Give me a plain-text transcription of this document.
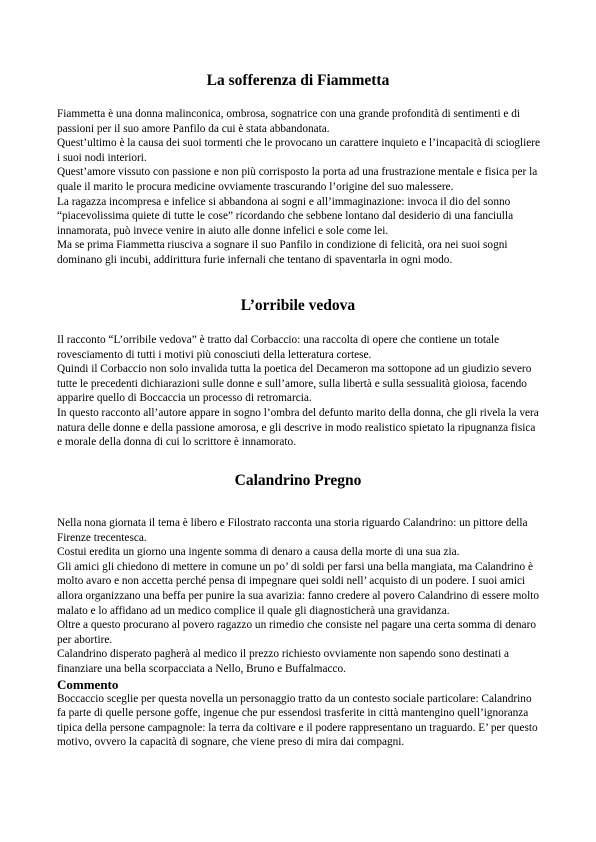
La sofferenza di Fiammetta

Fiammetta è una donna malinconica, ombrosa, sognatrice con una grande profondità di sentimenti e di passioni per il suo amore Panfilo da cui è stata abbandonata.

Quest’ultimo è la causa dei suoi tormenti che le provocano un carattere inquieto e l’incapacità di sciogliere i suoi nodi interiori.

Quest’amore vissuto con passione e non più corrisposto la porta ad una frustrazione mentale e fisica per la quale il marito le procura medicine ovviamente trascurando l’origine del suo malessere.

La ragazza incompresa e infelice si abbandona ai sogni e all’immaginazione: invoca il dio del sonno “piacevolissima quiete di tutte le cose” ricordando che sebbene lontano dal desiderio di una fanciulla innamorata, può invece venire in aiuto alle donne infelici e sole come lei.

Ma se prima Fiammetta riusciva a sognare il suo Panfilo in condizione di felicità, ora nei suoi sogni dominano gli incubi, addirittura furie infernali che tentano di spaventarla in ogni modo.

L’orribile vedova

Il racconto “L’orribile vedova” è tratto dal Corbaccio: una raccolta di opere che contiene un totale rovesciamento di tutti i motivi più conosciuti della letteratura cortese.

Quindi il Corbaccio non solo invalida tutta la poetica del Decameron ma sottopone ad un giudizio severo tutte le precedenti dichiarazioni sulle donne e sull’amore, sulla libertà e sulla sessualità gioiosa, facendo apparire quello di Boccaccia un processo di retromarcia.

In questo racconto all’autore appare in sogno l’ombra del defunto marito della donna, che gli rivela la vera natura delle donne e della passione amorosa, e gli descrive in modo realistico spietato la ripugnanza fisica e morale della donna di cui lo scrittore è innamorato.

Calandrino Pregno

Nella nona giornata il tema è libero e Filostrato racconta una storia riguardo Calandrino: un pittore della Firenze trecentesca.

Costui eredita un giorno una ingente somma di denaro a causa della morte di una sua zia.

Gli amici gli chiedono di mettere in comune un po’ di soldi per farsi una bella mangiata, ma Calandrino è molto avaro e non accetta perché pensa di impegnare quei soldi nell’ acquisto di un podere. I suoi amici allora organizzano una beffa per punire la sua avarizia: fanno credere al povero Calandrino di essere molto malato e lo affidano ad un medico complice il quale gli diagnosticherà una gravidanza.

Oltre a questo procurano al povero ragazzo un rimedio che consiste nel pagare una certa somma di denaro per abortire.

Calandrino disperato pagherà al medico il prezzo richiesto ovviamente non sapendo sono destinati a finanziare una bella scorpacciata a Nello, Bruno e Buffalmacco.

Commento

Boccaccio sceglie per questa novella un personaggio tratto da un contesto sociale particolare: Calandrino fa parte di quelle persone goffe, ingenue che pur essendosi trasferite in città mantengino quell’ignoranza tipica della persone campagnole: la terra da coltivare e il podere rappresentano un traguardo. E’ per questo motivo, ovvero la capacità di sognare, che viene preso di mira dai compagni.
